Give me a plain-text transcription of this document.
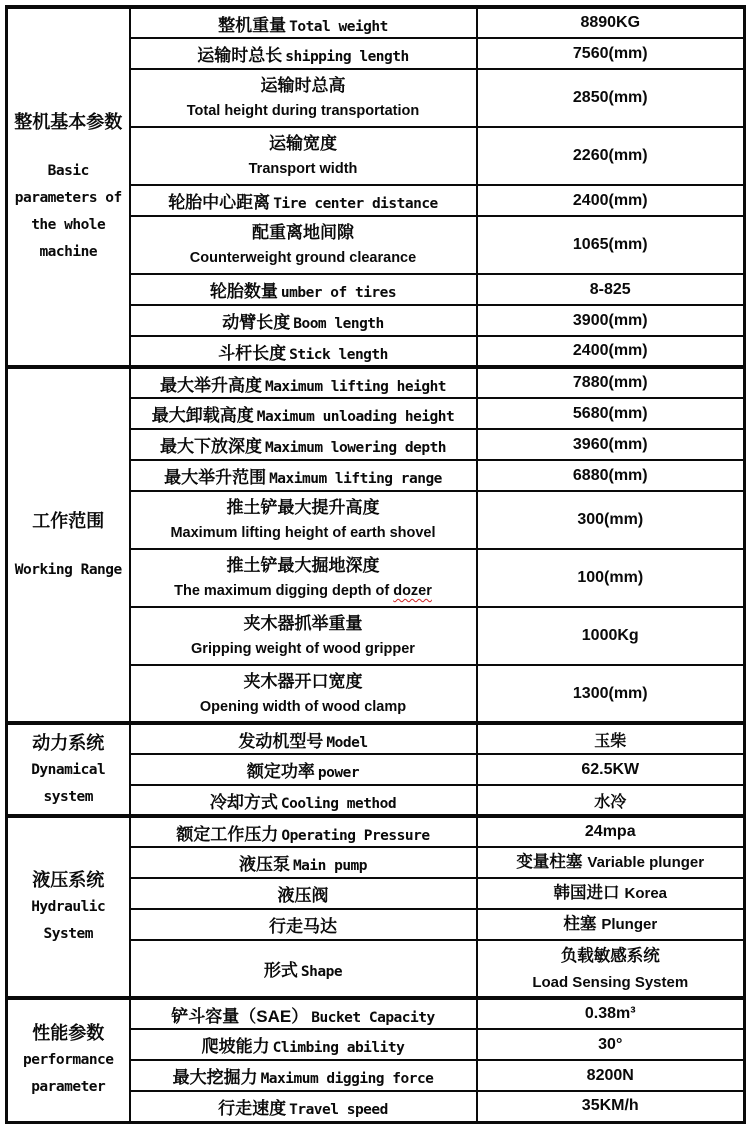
整机基本参数
Basic
parameters of
the whole
machine	整机重量 Total weight	8890KG
	运输时总长 shipping length	7560(mm)

	运输时总高
Total height during transportation	2850(mm)

	运输宽度
Transport width	2260(mm)
	轮胎中心距离 Tire center distance	2400(mm)

	配重离地间隙
Counterweight ground clearance	1065(mm)
	轮胎数量 umber of tires	8-825
	动臂长度 Boom length	3900(mm)
	斗杆长度 Stick length	2400(mm)

工作范围
Working Range	最大举升高度 Maximum lifting height	7880(mm)
	最大卸载高度 Maximum unloading height	5680(mm)
	最大下放深度 Maximum lowering depth	3960(mm)
	最大举升范围 Maximum lifting range	6880(mm)

	推土铲最大提升高度
Maximum lifting height of earth shovel	300(mm)

	推土铲最大掘地深度
The maximum digging depth of dozer	100(mm)

	夹木器抓举重量
Gripping weight of wood gripper	1000Kg

	夹木器开口宽度
Opening width of wood clamp	1300(mm)

动力系统
Dynamical
system	发动机型号 Model	玉柴
	额定功率 power	62.5KW
	冷却方式 Cooling method	水冷

液压系统
Hydraulic
System	额定工作压力 Operating Pressure	24mpa
	液压泵 Main pump	变量柱塞 Variable plunger
	液压阀	韩国进口 Korea
	行走马达	柱塞 Plunger
	形式 Shape	负载敏感系统
Load Sensing System

性能参数
performance
parameter	铲斗容量（SAE） Bucket Capacity	0.38m³
	爬坡能力 Climbing ability	30°
	最大挖掘力 Maximum digging force	8200N
	行走速度 Travel speed	35KM/h
